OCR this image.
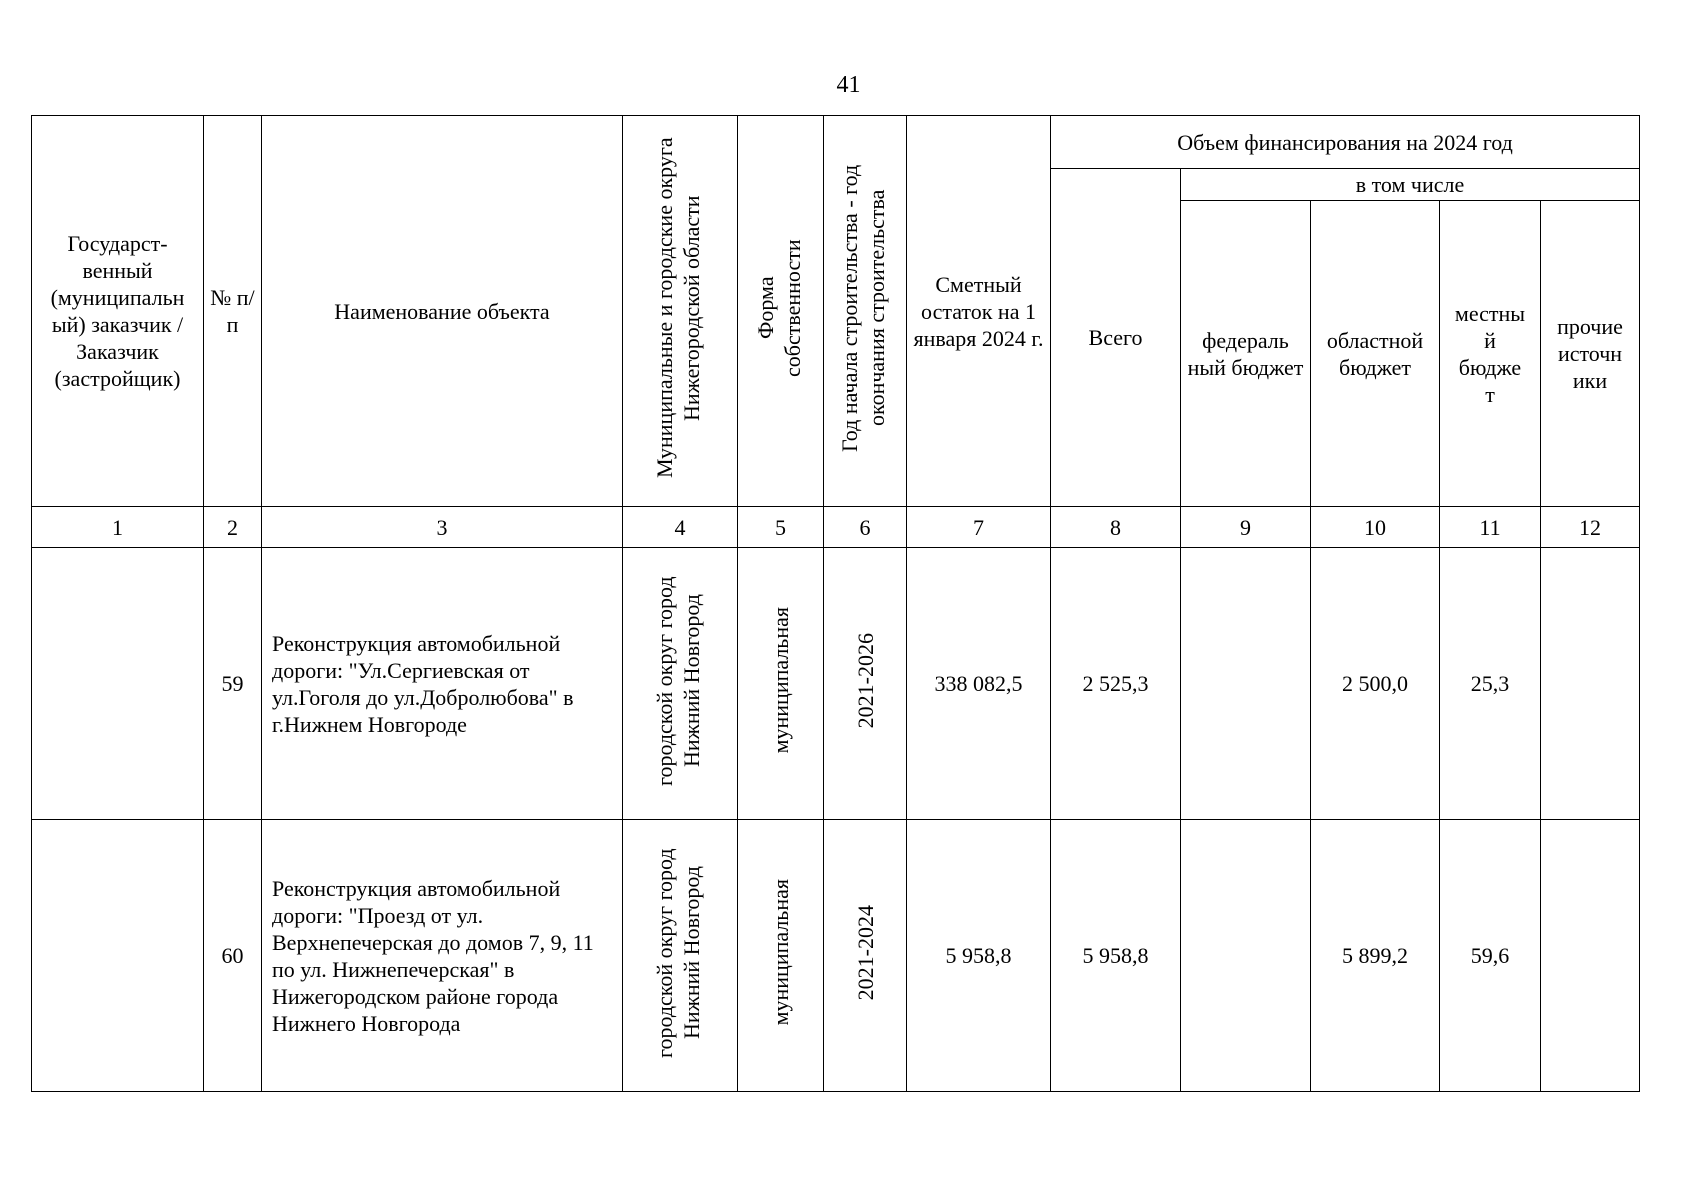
41
Государст-венный (муниципальн ый) заказчик / Заказчик (застройщик)	№ п/п	Наименование объекта	Муниципальные и городские округа Нижегородской области	Форма собственности	Год начала строительства - год окончания строительства	Сметный остаток на 1 января 2024 г.	Объем финансирования на 2024 год				
							Всего	в том числе			

								федераль ный бюджет	областной бюджет	местны й бюдже т	прочие источн ики

1	2	3	4	5	6	7	8	9	10	11	12
	59	Реконструкция автомобильной дороги: "Ул.Сергиевская от ул.Гоголя до ул.Добролюбова" в г.Нижнем Новгороде	городской округ город Нижний Новгород	муниципальная	2021-2026	338 082,5	2 525,3		2 500,0	25,3	
	60	Реконструкция автомобильной дороги: "Проезд от ул. Верхнепечерская до домов 7, 9, 11 по ул. Нижнепечерская" в Нижегородском районе города Нижнего Новгорода	городской округ город Нижний Новгород	муниципальная	2021-2024	5 958,8	5 958,8		5 899,2	59,6	
